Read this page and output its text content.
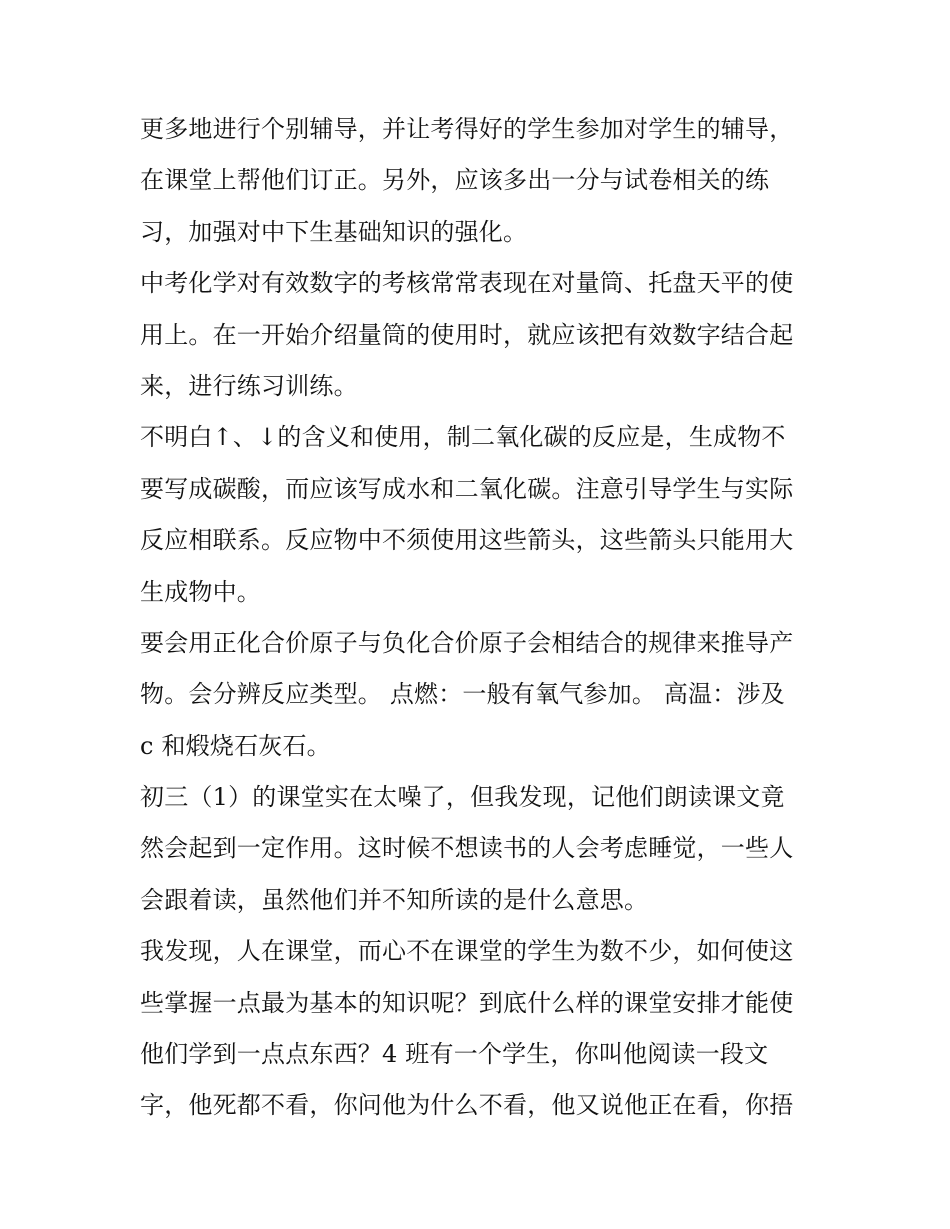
更多地进行个别辅导，并让考得好的学生参加对学生的辅导，
在课堂上帮他们订正。另外，应该多出一分与试卷相关的练
习，加强对中下生基础知识的强化。
中考化学对有效数字的考核常常表现在对量筒、托盘天平的使
用上。在一开始介绍量筒的使用时，就应该把有效数字结合起
来，进行练习训练。
不明白↑、↓的含义和使用，制二氧化碳的反应是，生成物不
要写成碳酸，而应该写成水和二氧化碳。注意引导学生与实际
反应相联系。反应物中不须使用这些箭头，这些箭头只能用大
生成物中。
要会用正化合价原子与负化合价原子会相结合的规律来推导产
物。会分辨反应类型。 点燃：一般有氧气参加。 高温：涉及
c 和煅烧石灰石。
初三（1）的课堂实在太噪了，但我发现，记他们朗读课文竟
然会起到一定作用。这时候不想读书的人会考虑睡觉，一些人
会跟着读，虽然他们并不知所读的是什么意思。
我发现，人在课堂，而心不在课堂的学生为数不少，如何使这
些掌握一点最为基本的知识呢？到底什么样的课堂安排才能使
他们学到一点点东西？4 班有一个学生，你叫他阅读一段文
字，他死都不看，你问他为什么不看，他又说他正在看，你捂
